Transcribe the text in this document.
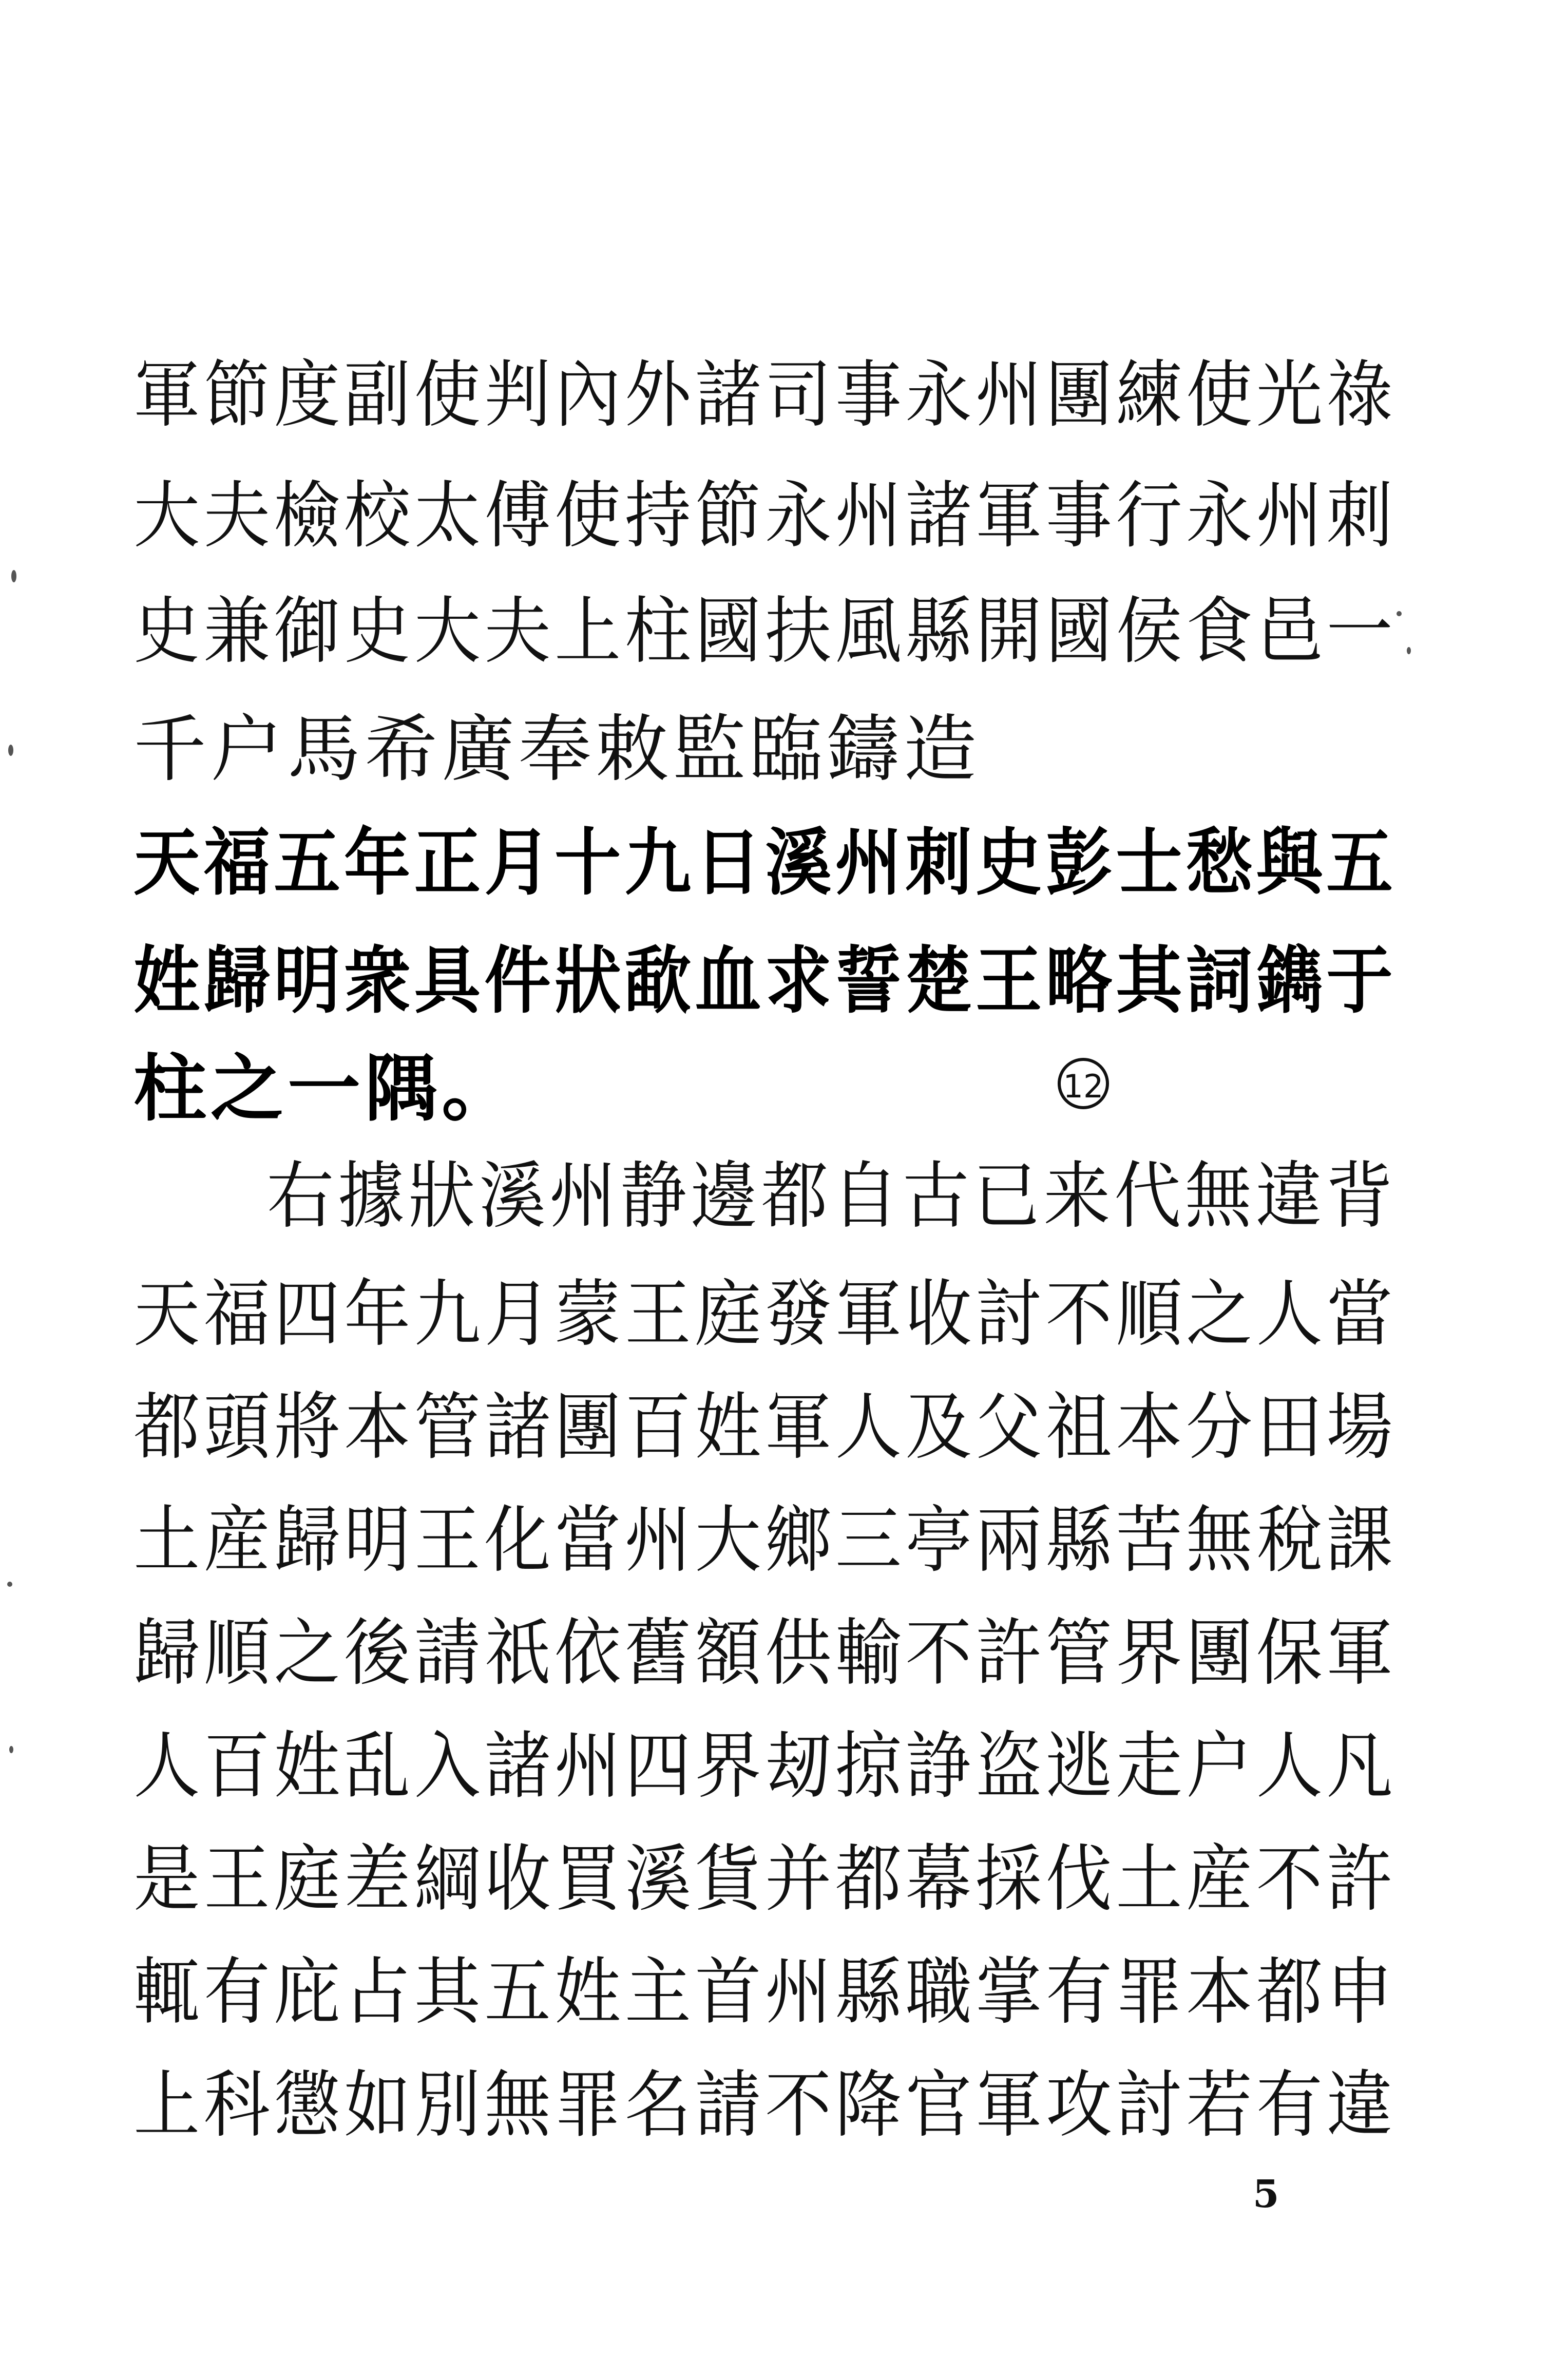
軍節度副使判內外諸司事永州團練使光祿
大夫檢校太傅使持節永州諸軍事行永州刺
史兼御史大夫上柱國扶風縣開國侯食邑一
千户馬希廣奉敕監臨鑄造
天福五年正月十九日溪州刺史彭士愁與五
姓歸明衆具件狀歃血求誓楚王略其詞鐫于
柱之一隅。	12
右據狀溪州静邊都自古已来代無違背
天福四年九月蒙王庭發軍收討不順之人當
都頭將本管諸團百姓軍人及父祖本分田場
土産歸明王化當州大鄉三亭兩縣苦無稅課
歸順之後請祇依舊額供輸不許管界團保軍
人百姓乱入諸州四界刼掠諍盗逃走户人凡
是王庭差綱收買溪貨并都幕採伐土産不許
輒有庇占其五姓主首州縣職掌有罪本都申
上科懲如別無罪名請不降官軍攻討若有違
5
